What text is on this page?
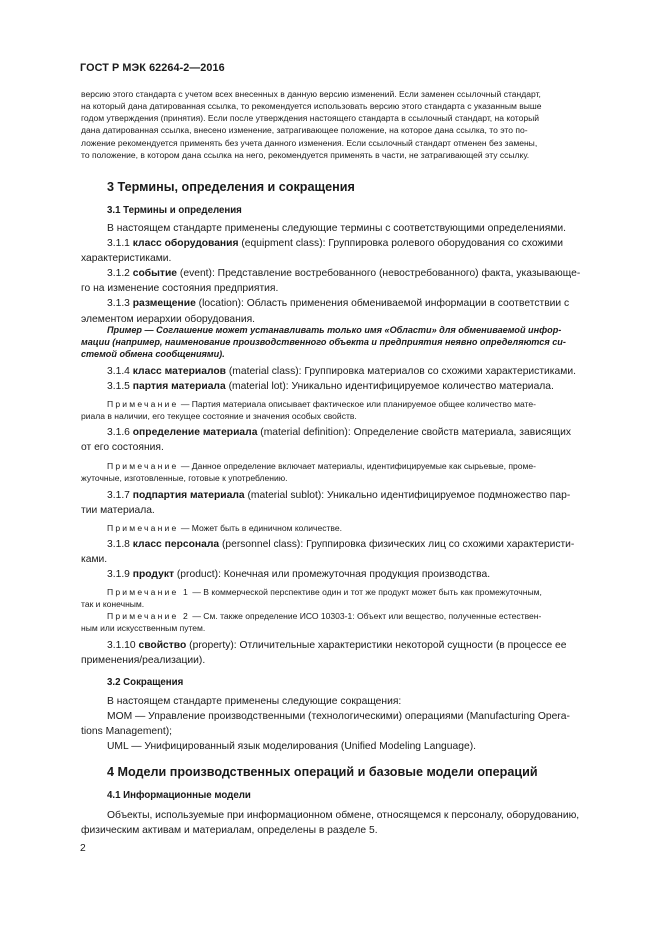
ГОСТ Р МЭК 62264-2—2016

версию этого стандарта с учетом всех внесенных в данную версию изменений. Если заменен ссылочный стандарт,

на который дана датированная ссылка, то рекомендуется использовать версию этого стандарта с указанным выше

годом утверждения (принятия). Если после утверждения настоящего стандарта в ссылочный стандарт, на который

дана датированная ссылка, внесено изменение, затрагивающее положение, на которое дана ссылка, то это по-

ложение рекомендуется применять без учета данного изменения. Если ссылочный стандарт отменен без замены,

то положение, в котором дана ссылка на него, рекомендуется применять в части, не затрагивающей эту ссылку.

3 Термины, определения и сокращения
3.1 Термины и определения

В настоящем стандарте применены следующие термины с соответствующими определениями.

3.1.1 класс оборудования (equipment class): Группировка ролевого оборудования со схожими

характеристиками.

3.1.2 событие (event): Представление востребованного (невостребованного) факта, указывающе-

го на изменение состояния предприятия.

3.1.3 размещение (location): Область применения обмениваемой информации в соответствии с

элементом иерархии оборудования.

Пример — Соглашение может устанавливать только имя «Области» для обмениваемой инфор-

мации (например, наименование производственного объекта и предприятия неявно определяются си-

стемой обмена сообщениями).

3.1.4 класс материалов (material class): Группировка материалов со схожими характеристиками.

3.1.5 партия материала (material lot): Уникально идентифицируемое количество материала.

Примечание — Партия материала описывает фактическое или планируемое общее количество мате-

риала в наличии, его текущее состояние и значения особых свойств.

3.1.6 определение материала (material definition): Определение свойств материала, зависящих

от его состояния.

Примечание — Данное определение включает материалы, идентифицируемые как сырьевые, проме-

жуточные, изготовленные, готовые к употреблению.

3.1.7 подпартия материала (material sublot): Уникально идентифицируемое подмножество пар-

тии материала.

Примечание — Может быть в единичном количестве.

3.1.8 класс персонала (personnel class): Группировка физических лиц со схожими характеристи-

ками.

3.1.9 продукт (product): Конечная или промежуточная продукция производства.

Примечание 1 — В коммерческой перспективе один и тот же продукт может быть как промежуточным,

так и конечным.

Примечание 2 — См. также определение ИСО 10303-1: Объект или вещество, полученные естествен-

ным или искусственным путем.

3.1.10 свойство (property): Отличительные характеристики некоторой сущности (в процессе ее

применения/реализации).

3.2 Сокращения

В настоящем стандарте применены следующие сокращения:

MOM — Управление производственными (технологическими) операциями (Manufacturing Opera-

tions Management);

UML — Унифицированный язык моделирования (Unified Modeling Language).

4 Модели производственных операций и базовые модели операций
4.1 Информационные модели

Объекты, используемые при информационном обмене, относящемся к персоналу, оборудованию,

физическим активам и материалам, определены в разделе 5.

2
